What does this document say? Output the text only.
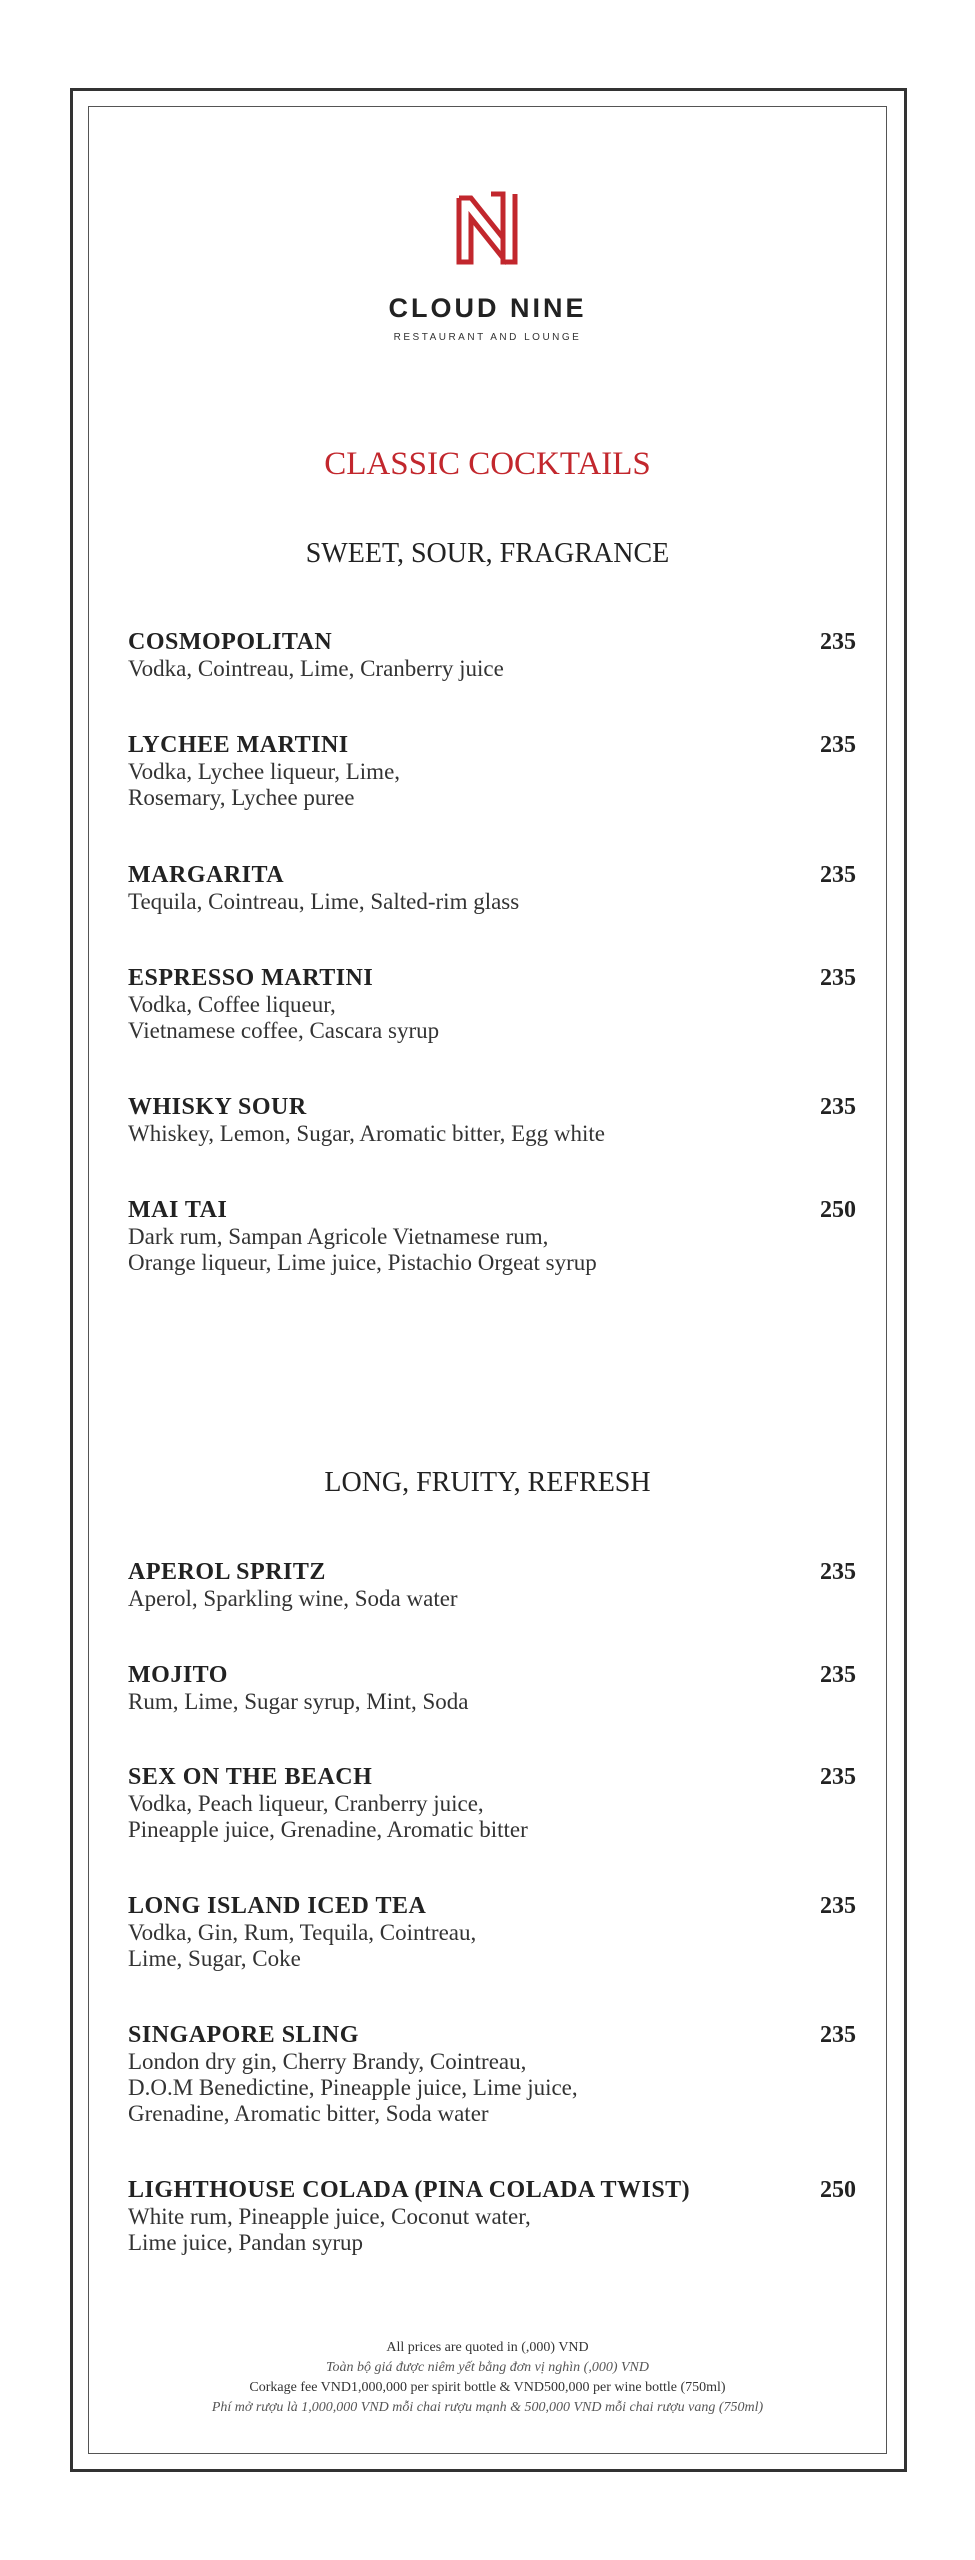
CLOUD NINE
RESTAURANT AND LOUNGE
CLASSIC COCKTAILS
SWEET, SOUR, FRAGRANCE
COSMOPOLITAN	235
Vodka, Cointreau, Lime, Cranberry juice
LYCHEE MARTINI	235
Vodka, Lychee liqueur, Lime,
Rosemary, Lychee puree
MARGARITA	235
Tequila, Cointreau, Lime, Salted-rim glass
ESPRESSO MARTINI	235
Vodka, Coffee liqueur,
Vietnamese coffee, Cascara syrup
WHISKY SOUR	235
Whiskey, Lemon, Sugar, Aromatic bitter, Egg white
MAI TAI	250
Dark rum, Sampan Agricole Vietnamese rum,
Orange liqueur, Lime juice, Pistachio Orgeat syrup
LONG, FRUITY, REFRESH
APEROL SPRITZ	235
Aperol, Sparkling wine, Soda water
MOJITO	235
Rum, Lime, Sugar syrup, Mint, Soda
SEX ON THE BEACH	235
Vodka, Peach liqueur, Cranberry juice,
Pineapple juice, Grenadine, Aromatic bitter
LONG ISLAND ICED TEA	235
Vodka, Gin, Rum, Tequila, Cointreau,
Lime, Sugar, Coke
SINGAPORE SLING	235
London dry gin, Cherry Brandy, Cointreau,
D.O.M Benedictine, Pineapple juice, Lime juice,
Grenadine, Aromatic bitter, Soda water
LIGHTHOUSE COLADA (PINA COLADA TWIST)	250
White rum, Pineapple juice, Coconut water,
Lime juice, Pandan syrup
All prices are quoted in (,000) VND
Toàn bộ giá được niêm yết bằng đơn vị nghìn (,000) VND
Corkage fee VND1,000,000 per spirit bottle & VND500,000 per wine bottle (750ml)
Phí mở rượu là 1,000,000 VND mỗi chai rượu mạnh & 500,000 VND mỗi chai rượu vang (750ml)
